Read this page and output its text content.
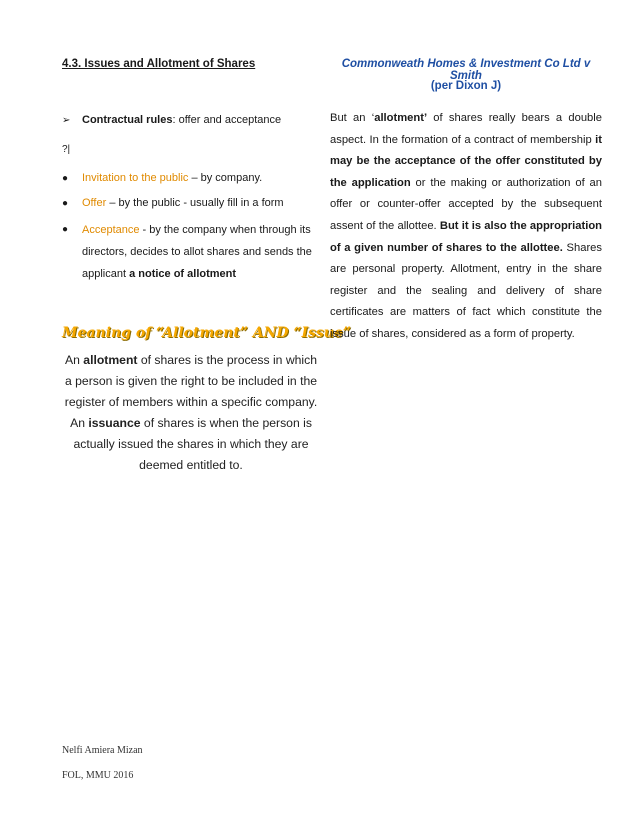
4.3. Issues and Allotment of Shares
➢	Contractual rules: offer and acceptance
?|
●	Invitation to the public – by company.
●	Offer – by the public - usually fill in a form
●	Acceptance - by the company when through its directors, decides to allot shares and sends the applicant a notice of allotment
Meaning of “Allotment” AND “Issue”
An allotment of shares is the process in which a person is given the right to be included in the register of members within a specific company. An issuance of shares is when the person is actually issued the shares in which they are deemed entitled to.
Commonweath Homes & Investment Co Ltd v Smith
(per Dixon J)
But an ‘allotment’ of shares really bears a double aspect. In the formation of a contract of membership it may be the acceptance of the offer constituted by the application or the making or authorization of an offer or counter-offer accepted by the subsequent assent of the allottee. But it is also the appropriation of a given number of shares to the allottee. Shares are personal property. Allotment, entry in the share register and the sealing and delivery of share certificates are matters of fact which constitute the issue of shares, considered as a form of property.
Nelfi Amiera Mizan
FOL, MMU 2016
